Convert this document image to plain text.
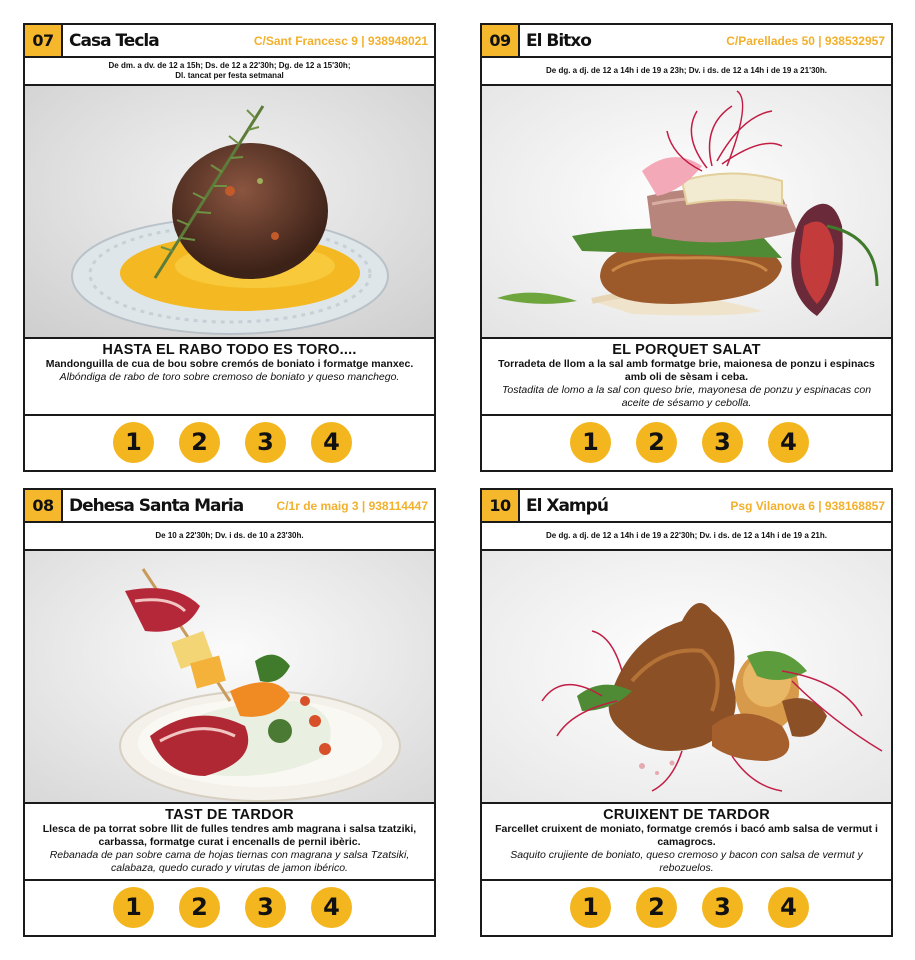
07 Casa Tecla	C/Sant Francesc 9 | 938948021
De dm. a dv. de 12 a 15h; Ds. de 12 a 22'30h; Dg. de 12 a 15'30h;
Dl. tancat per festa setmanal
HASTA EL RABO TODO ES TORO....
Mandonguilla de cua de bou sobre cremós de boniato i formatge manxec.
Albóndiga de rabo de toro sobre cremoso de boniato y queso manchego.
1	2	3	4
09 El Bitxo	C/Parellades 50 | 938532957
De dg. a dj. de 12 a 14h i de 19 a 23h; Dv. i ds. de 12 a 14h i de 19 a 21'30h.
EL PORQUET SALAT
Torradeta de llom a la sal amb formatge brie, maionesa de ponzu i espinacs amb oli de sèsam i ceba.
Tostadita de lomo a la sal con queso brie, mayonesa de ponzu y espinacas con aceite de sésamo y cebolla.
1	2	3	4
08 Dehesa Santa Maria	C/1r de maig 3 | 938114447
De 10 a 22'30h; Dv. i ds. de 10 a 23'30h.
TAST DE TARDOR
Llesca de pa torrat sobre llit de fulles tendres amb magrana i salsa tzatziki, carbassa, formatge curat i encenalls de pernil ibèric.
Rebanada de pan sobre cama de hojas tiernas con magrana y salsa Tzatsiki, calabaza, quedo curado y virutas de jamon ibérico.
1	2	3	4
10 El Xampú	Psg Vilanova 6 | 938168857
De dg. a dj. de 12 a 14h i de 19 a 22'30h; Dv. i ds. de 12 a 14h i de 19 a 21h.
CRUIXENT DE TARDOR
Farcellet cruixent de moniato, formatge cremós i bacó amb salsa de vermut i camagrocs.
Saquito crujiente de boniato, queso cremoso y bacon con salsa de vermut y rebozuelos.
1	2	3	4
